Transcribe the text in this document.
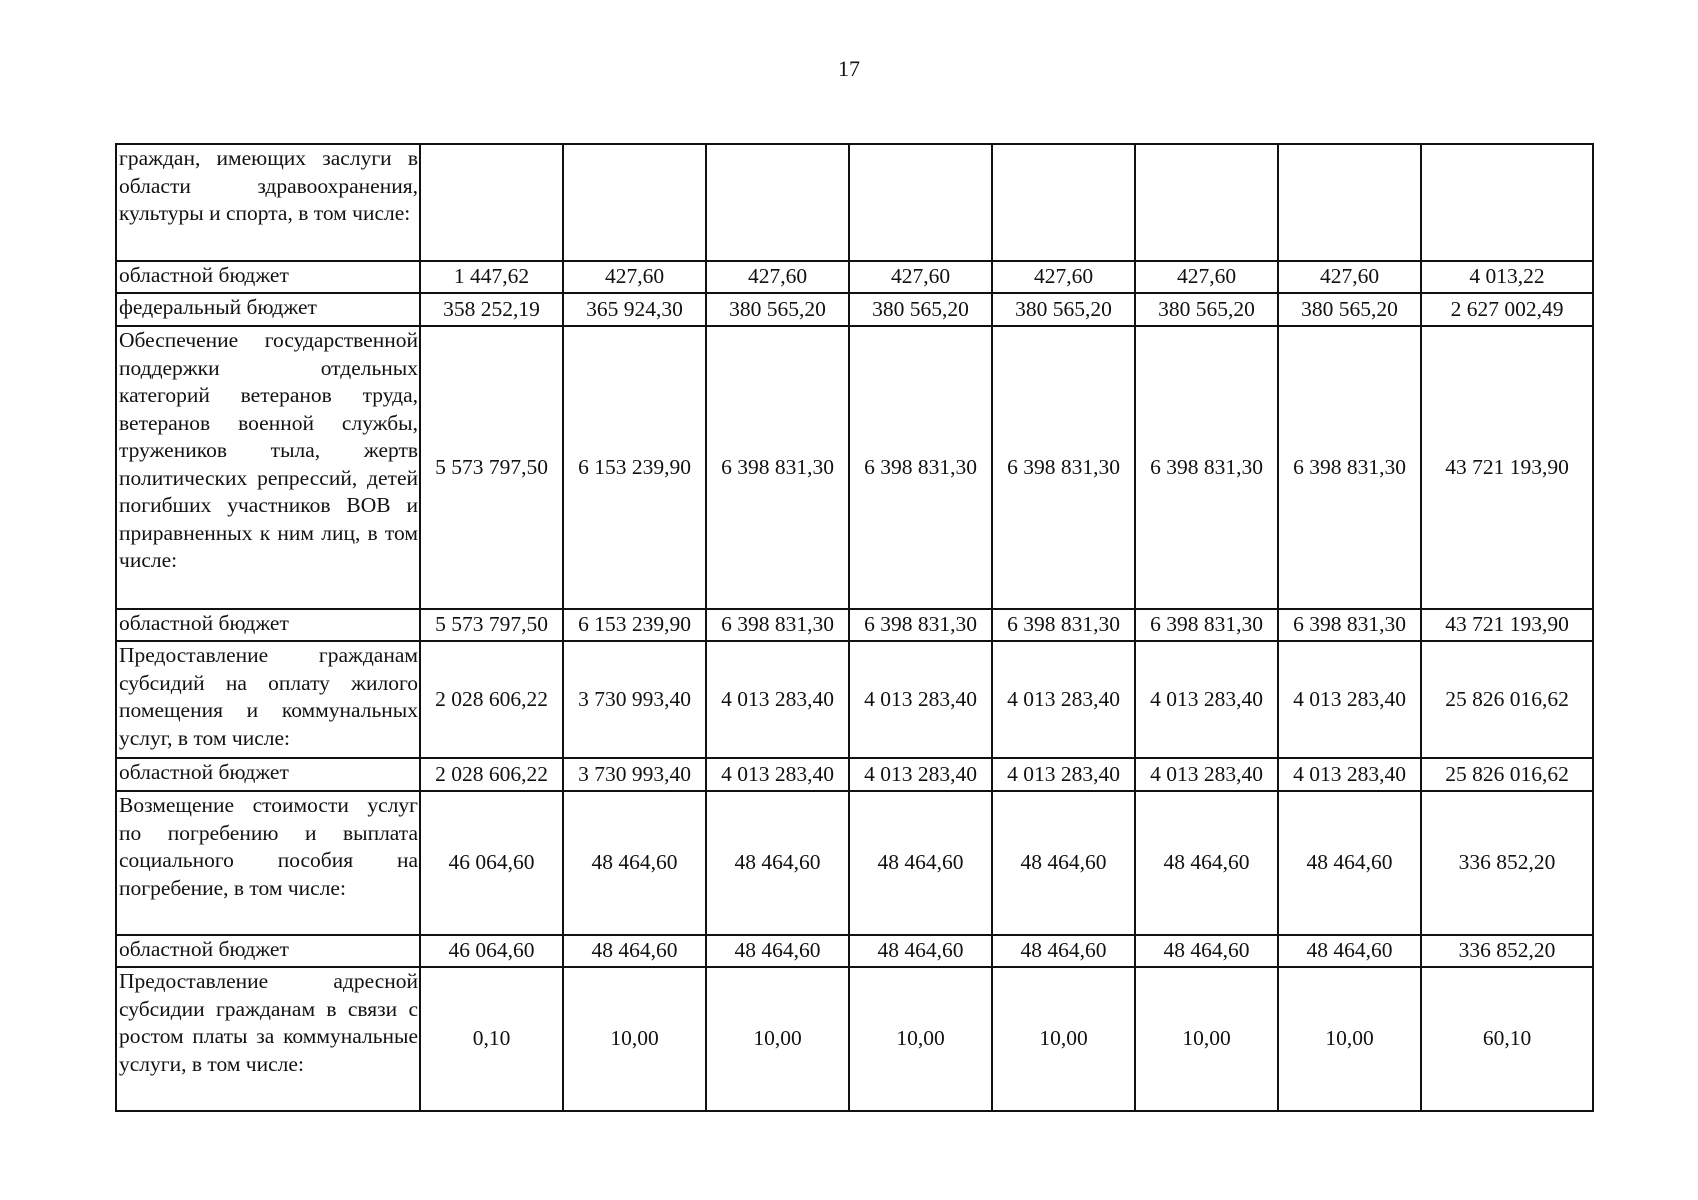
17
граждан, имеющих заслуги в области здравоохранения, культуры и спорта, в том числе:								
областной бюджет	1 447,62	427,60	427,60	427,60	427,60	427,60	427,60	4 013,22
федеральный бюджет	358 252,19	365 924,30	380 565,20	380 565,20	380 565,20	380 565,20	380 565,20	2 627 002,49
Обеспечение государственной поддержки отдельных категорий ветеранов труда, ветеранов военной службы, тружеников тыла, жертв политических репрессий, детей погибших участников ВОВ и приравненных к ним лиц, в том числе:	5 573 797,50	6 153 239,90	6 398 831,30	6 398 831,30	6 398 831,30	6 398 831,30	6 398 831,30	43 721 193,90
областной бюджет	5 573 797,50	6 153 239,90	6 398 831,30	6 398 831,30	6 398 831,30	6 398 831,30	6 398 831,30	43 721 193,90
Предоставление гражданам субсидий на оплату жилого помещения и коммунальных услуг, в том числе:	2 028 606,22	3 730 993,40	4 013 283,40	4 013 283,40	4 013 283,40	4 013 283,40	4 013 283,40	25 826 016,62
областной бюджет	2 028 606,22	3 730 993,40	4 013 283,40	4 013 283,40	4 013 283,40	4 013 283,40	4 013 283,40	25 826 016,62
Возмещение стоимости услуг по погребению и выплата социального пособия на погребение, в том числе:	46 064,60	48 464,60	48 464,60	48 464,60	48 464,60	48 464,60	48 464,60	336 852,20
областной бюджет	46 064,60	48 464,60	48 464,60	48 464,60	48 464,60	48 464,60	48 464,60	336 852,20
Предоставление адресной субсидии гражданам в связи с ростом платы за коммунальные услуги, в том числе:	0,10	10,00	10,00	10,00	10,00	10,00	10,00	60,10
